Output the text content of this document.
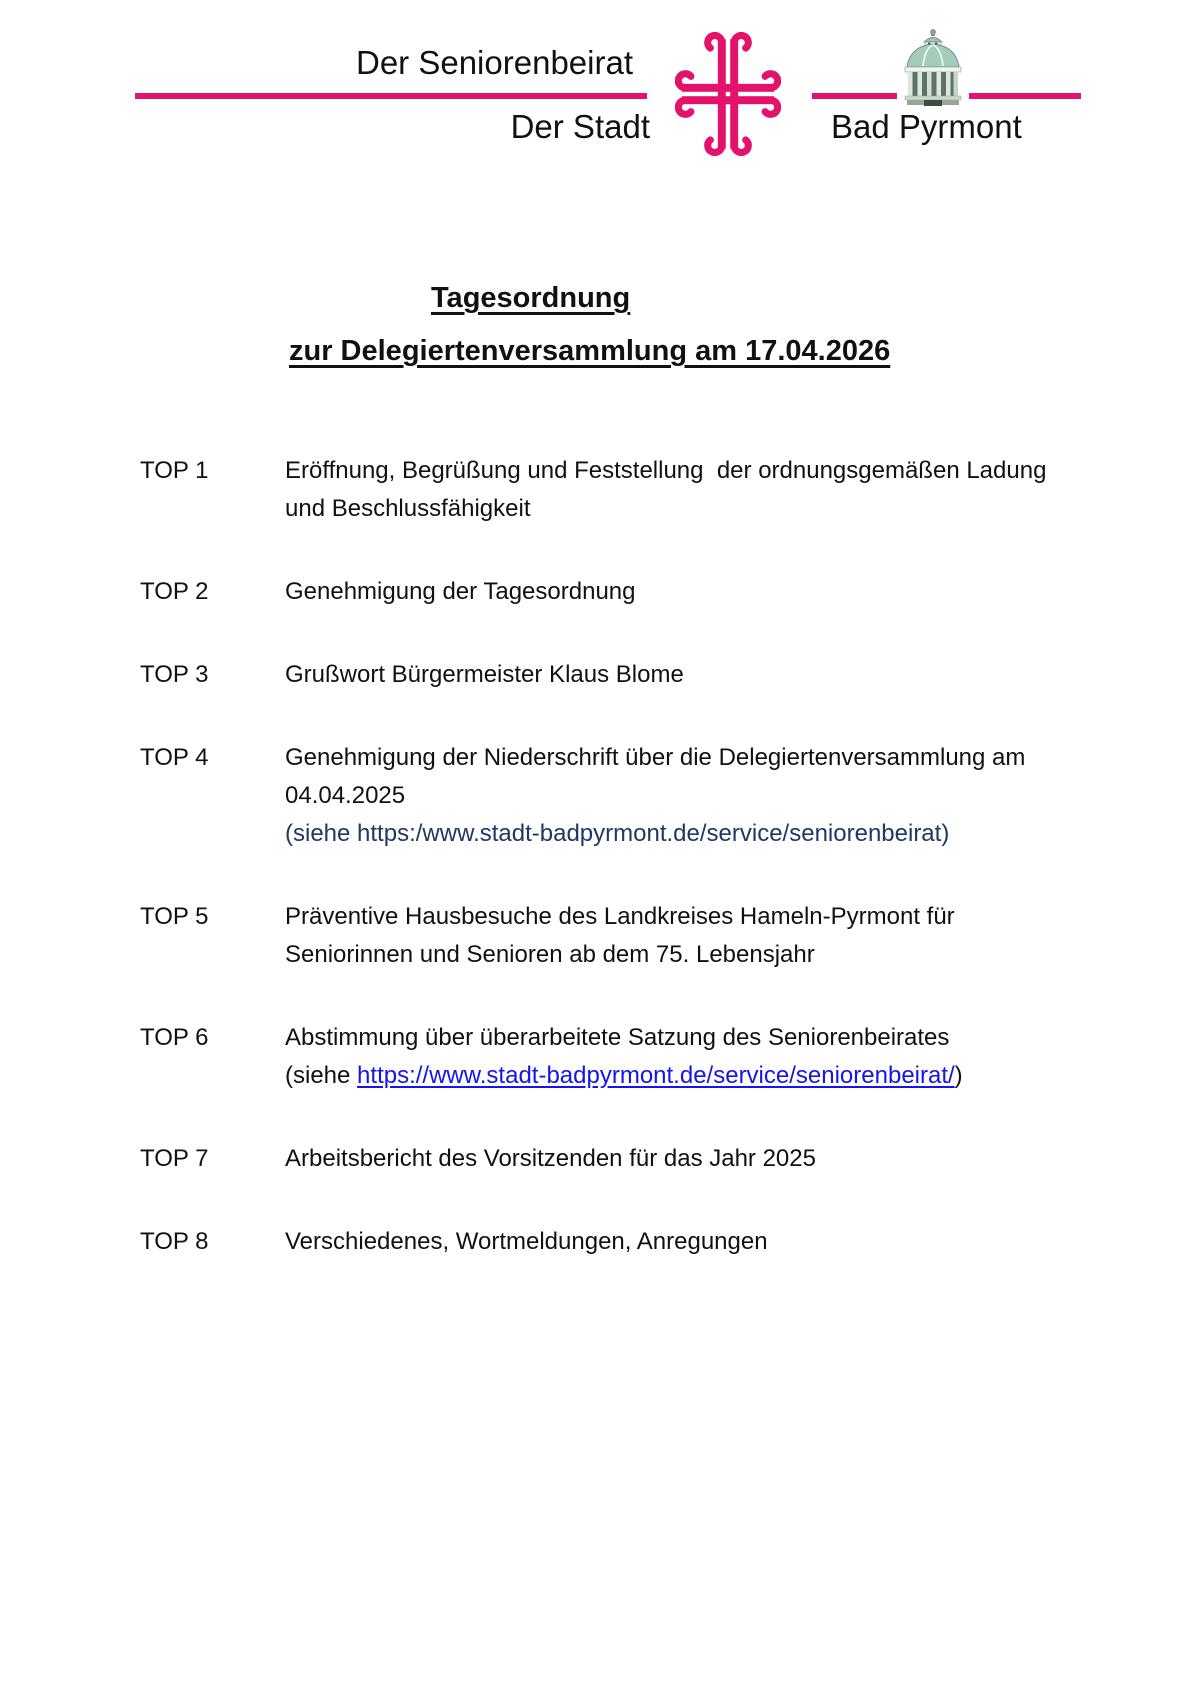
Der Seniorenbeirat
Der Stadt	Bad Pyrmont
Tagesordnung
zur Delegiertenversammlung am 17.04.2026
TOP 1	Eröffnung, Begrüßung und Feststellung  der ordnungsgemäßen Ladung
und Beschlussfähigkeit
TOP 2	Genehmigung der Tagesordnung
TOP 3	Grußwort Bürgermeister Klaus Blome
TOP 4	Genehmigung der Niederschrift über die Delegiertenversammlung am
04.04.2025
(siehe https:/www.stadt-badpyrmont.de/service/seniorenbeirat)
TOP 5	Präventive Hausbesuche des Landkreises Hameln-Pyrmont für
Seniorinnen und Senioren ab dem 75. Lebensjahr
TOP 6	Abstimmung über überarbeitete Satzung des Seniorenbeirates
(siehe https://www.stadt-badpyrmont.de/service/seniorenbeirat/)
TOP 7	Arbeitsbericht des Vorsitzenden für das Jahr 2025
TOP 8	Verschiedenes, Wortmeldungen, Anregungen
